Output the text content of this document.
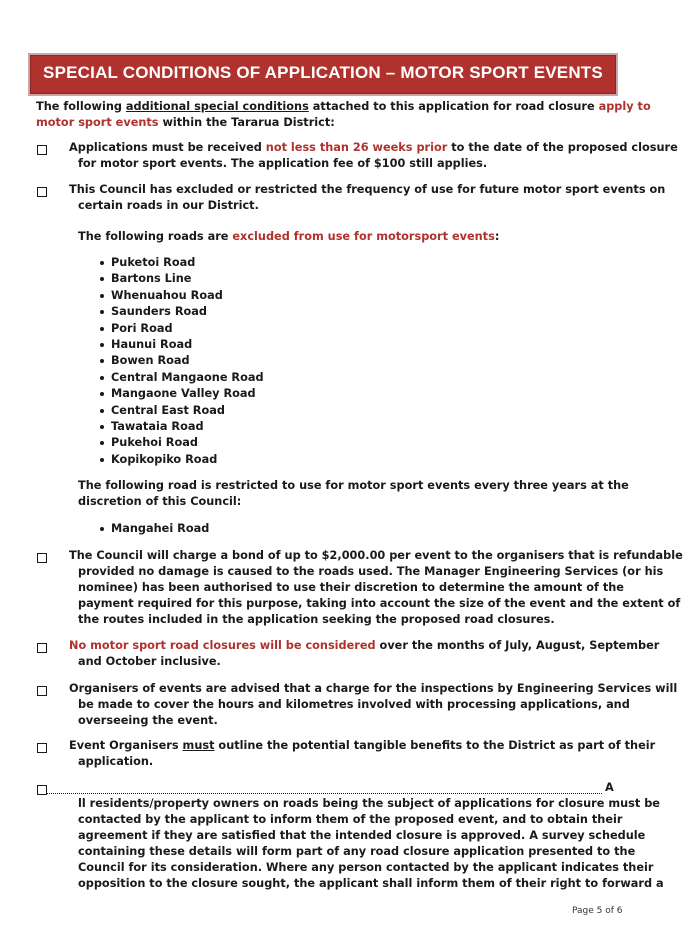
SPECIAL CONDITIONS OF APPLICATION – MOTOR SPORT EVENTS
The following additional special conditions attached to this application for road closure apply to
motor sport events within the Tararua District:
Applications must be received not less than 26 weeks prior to the date of the proposed closure
for motor sport events. The application fee of $100 still applies.
This Council has excluded or restricted the frequency of use for future motor sport events on
certain roads in our District.
The following roads are excluded from use for motorsport events:
Puketoi Road
Bartons Line
Whenuahou Road
Saunders Road
Pori Road
Haunui Road
Bowen Road
Central Mangaone Road
Mangaone Valley Road
Central East Road
Tawataia Road
Pukehoi Road
Kopikopiko Road
The following road is restricted to use for motor sport events every three years at the
discretion of this Council:
Mangahei Road
The Council will charge a bond of up to $2,000.00 per event to the organisers that is refundable
provided no damage is caused to the roads used. The Manager Engineering Services (or his
nominee) has been authorised to use their discretion to determine the amount of the
payment required for this purpose, taking into account the size of the event and the extent of
the routes included in the application seeking the proposed road closures.
No motor sport road closures will be considered over the months of July, August, September
and October inclusive.
Organisers of events are advised that a charge for the inspections by Engineering Services will
be made to cover the hours and kilometres involved with processing applications, and
overseeing the event.
Event Organisers must outline the potential tangible benefits to the District as part of their
application.
A
ll residents/property owners on roads being the subject of applications for closure must be
contacted by the applicant to inform them of the proposed event, and to obtain their
agreement if they are satisfied that the intended closure is approved. A survey schedule
containing these details will form part of any road closure application presented to the
Council for its consideration. Where any person contacted by the applicant indicates their
opposition to the closure sought, the applicant shall inform them of their right to forward a
Page 5 of 6
